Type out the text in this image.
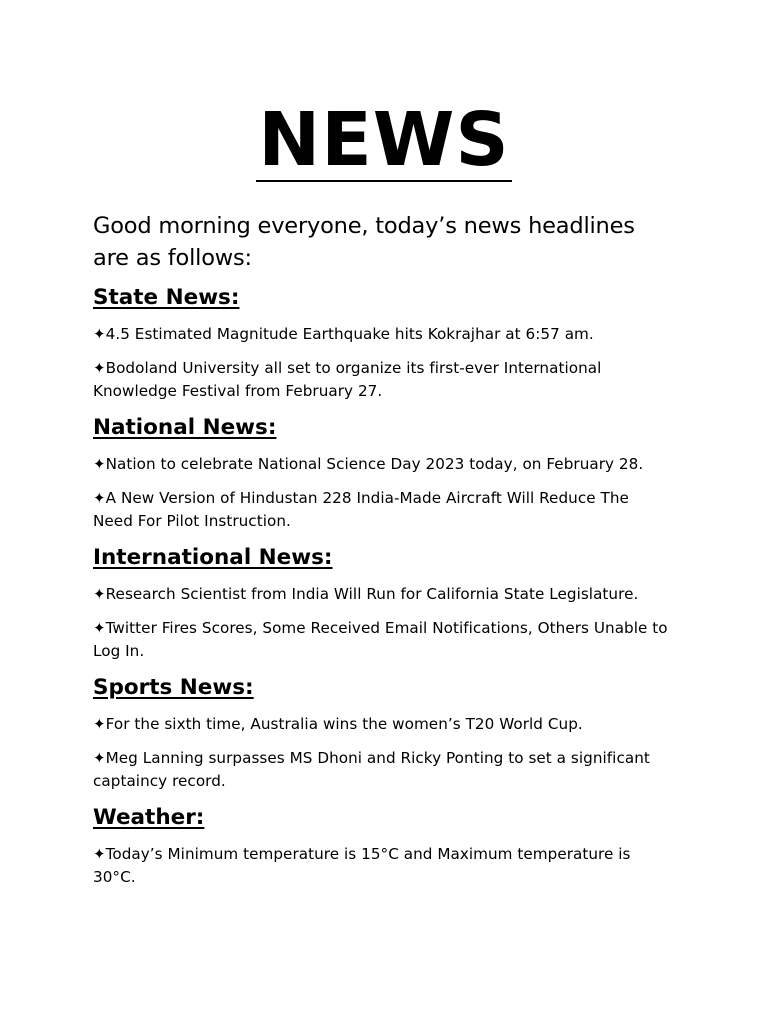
NEWS

Good morning everyone, today’s news headlines are as follows:

State News:

✦4.5 Estimated Magnitude Earthquake hits Kokrajhar at 6:57 am.

✦Bodoland University all set to organize its first-ever International Knowledge Festival from February 27.

National News:

✦Nation to celebrate National Science Day 2023 today, on February 28.

✦A New Version of Hindustan 228 India-Made Aircraft Will Reduce The Need For Pilot Instruction.

International News:

✦Research Scientist from India Will Run for California State Legislature.

✦Twitter Fires Scores, Some Received Email Notifications, Others Unable to Log In.

Sports News:

✦For the sixth time, Australia wins the women’s T20 World Cup.

✦Meg Lanning surpasses MS Dhoni and Ricky Ponting to set a significant captaincy record.

Weather:

✦Today’s Minimum temperature is 15°C and Maximum temperature is 30°C.
